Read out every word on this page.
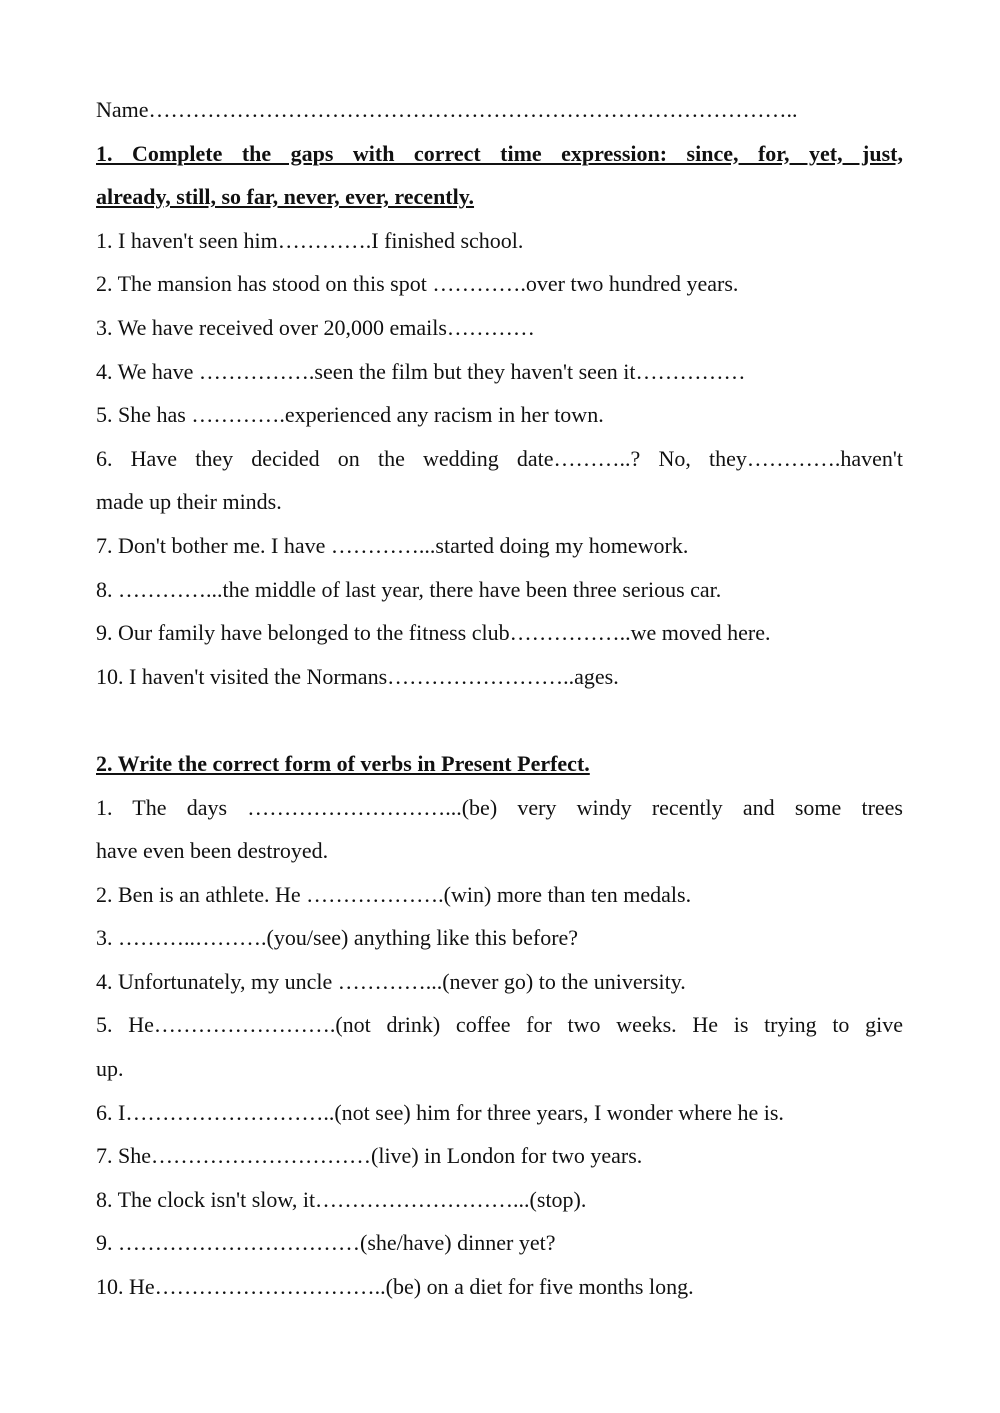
Name……………………………………………………………………………..

1. Complete the gaps with correct time expression: since, for, yet, just,

already, still, so far, never, ever, recently.

1. I haven't seen him………….I finished school.

2. The mansion has stood on this spot ………….over two hundred years.

3. We have received over 20,000 emails…………

4. We have …………….seen the film but they haven't seen it……………

5. She has ………….experienced any racism in her town.

6. Have they decided on the wedding date………..? No, they………….haven't

made up their minds.

7. Don't bother me. I have …………...started doing my homework.

8. …………...the middle of last year, there have been three serious car.

9. Our family have belonged to the fitness club……………..we moved here.

10. I haven't visited the Normans……………………..ages.

2. Write the correct form of verbs in Present Perfect.

1. The days ………………………...(be) very windy recently and some trees

have even been destroyed.

2. Ben is an athlete. He ……………….(win) more than ten medals.

3. ………..……….(you/see) anything like this before?

4. Unfortunately, my uncle …………...(never go) to the university.

5. He…………………….(not drink) coffee for two weeks. He is trying to give

up.

6. I………………………..(not see) him for three years, I wonder where he is.

7. She…………………………(live) in London for two years.

8. The clock isn't slow, it………………………...(stop).

9. ……………………………(she/have) dinner yet?

10. He…………………………..(be) on a diet for five months long.
